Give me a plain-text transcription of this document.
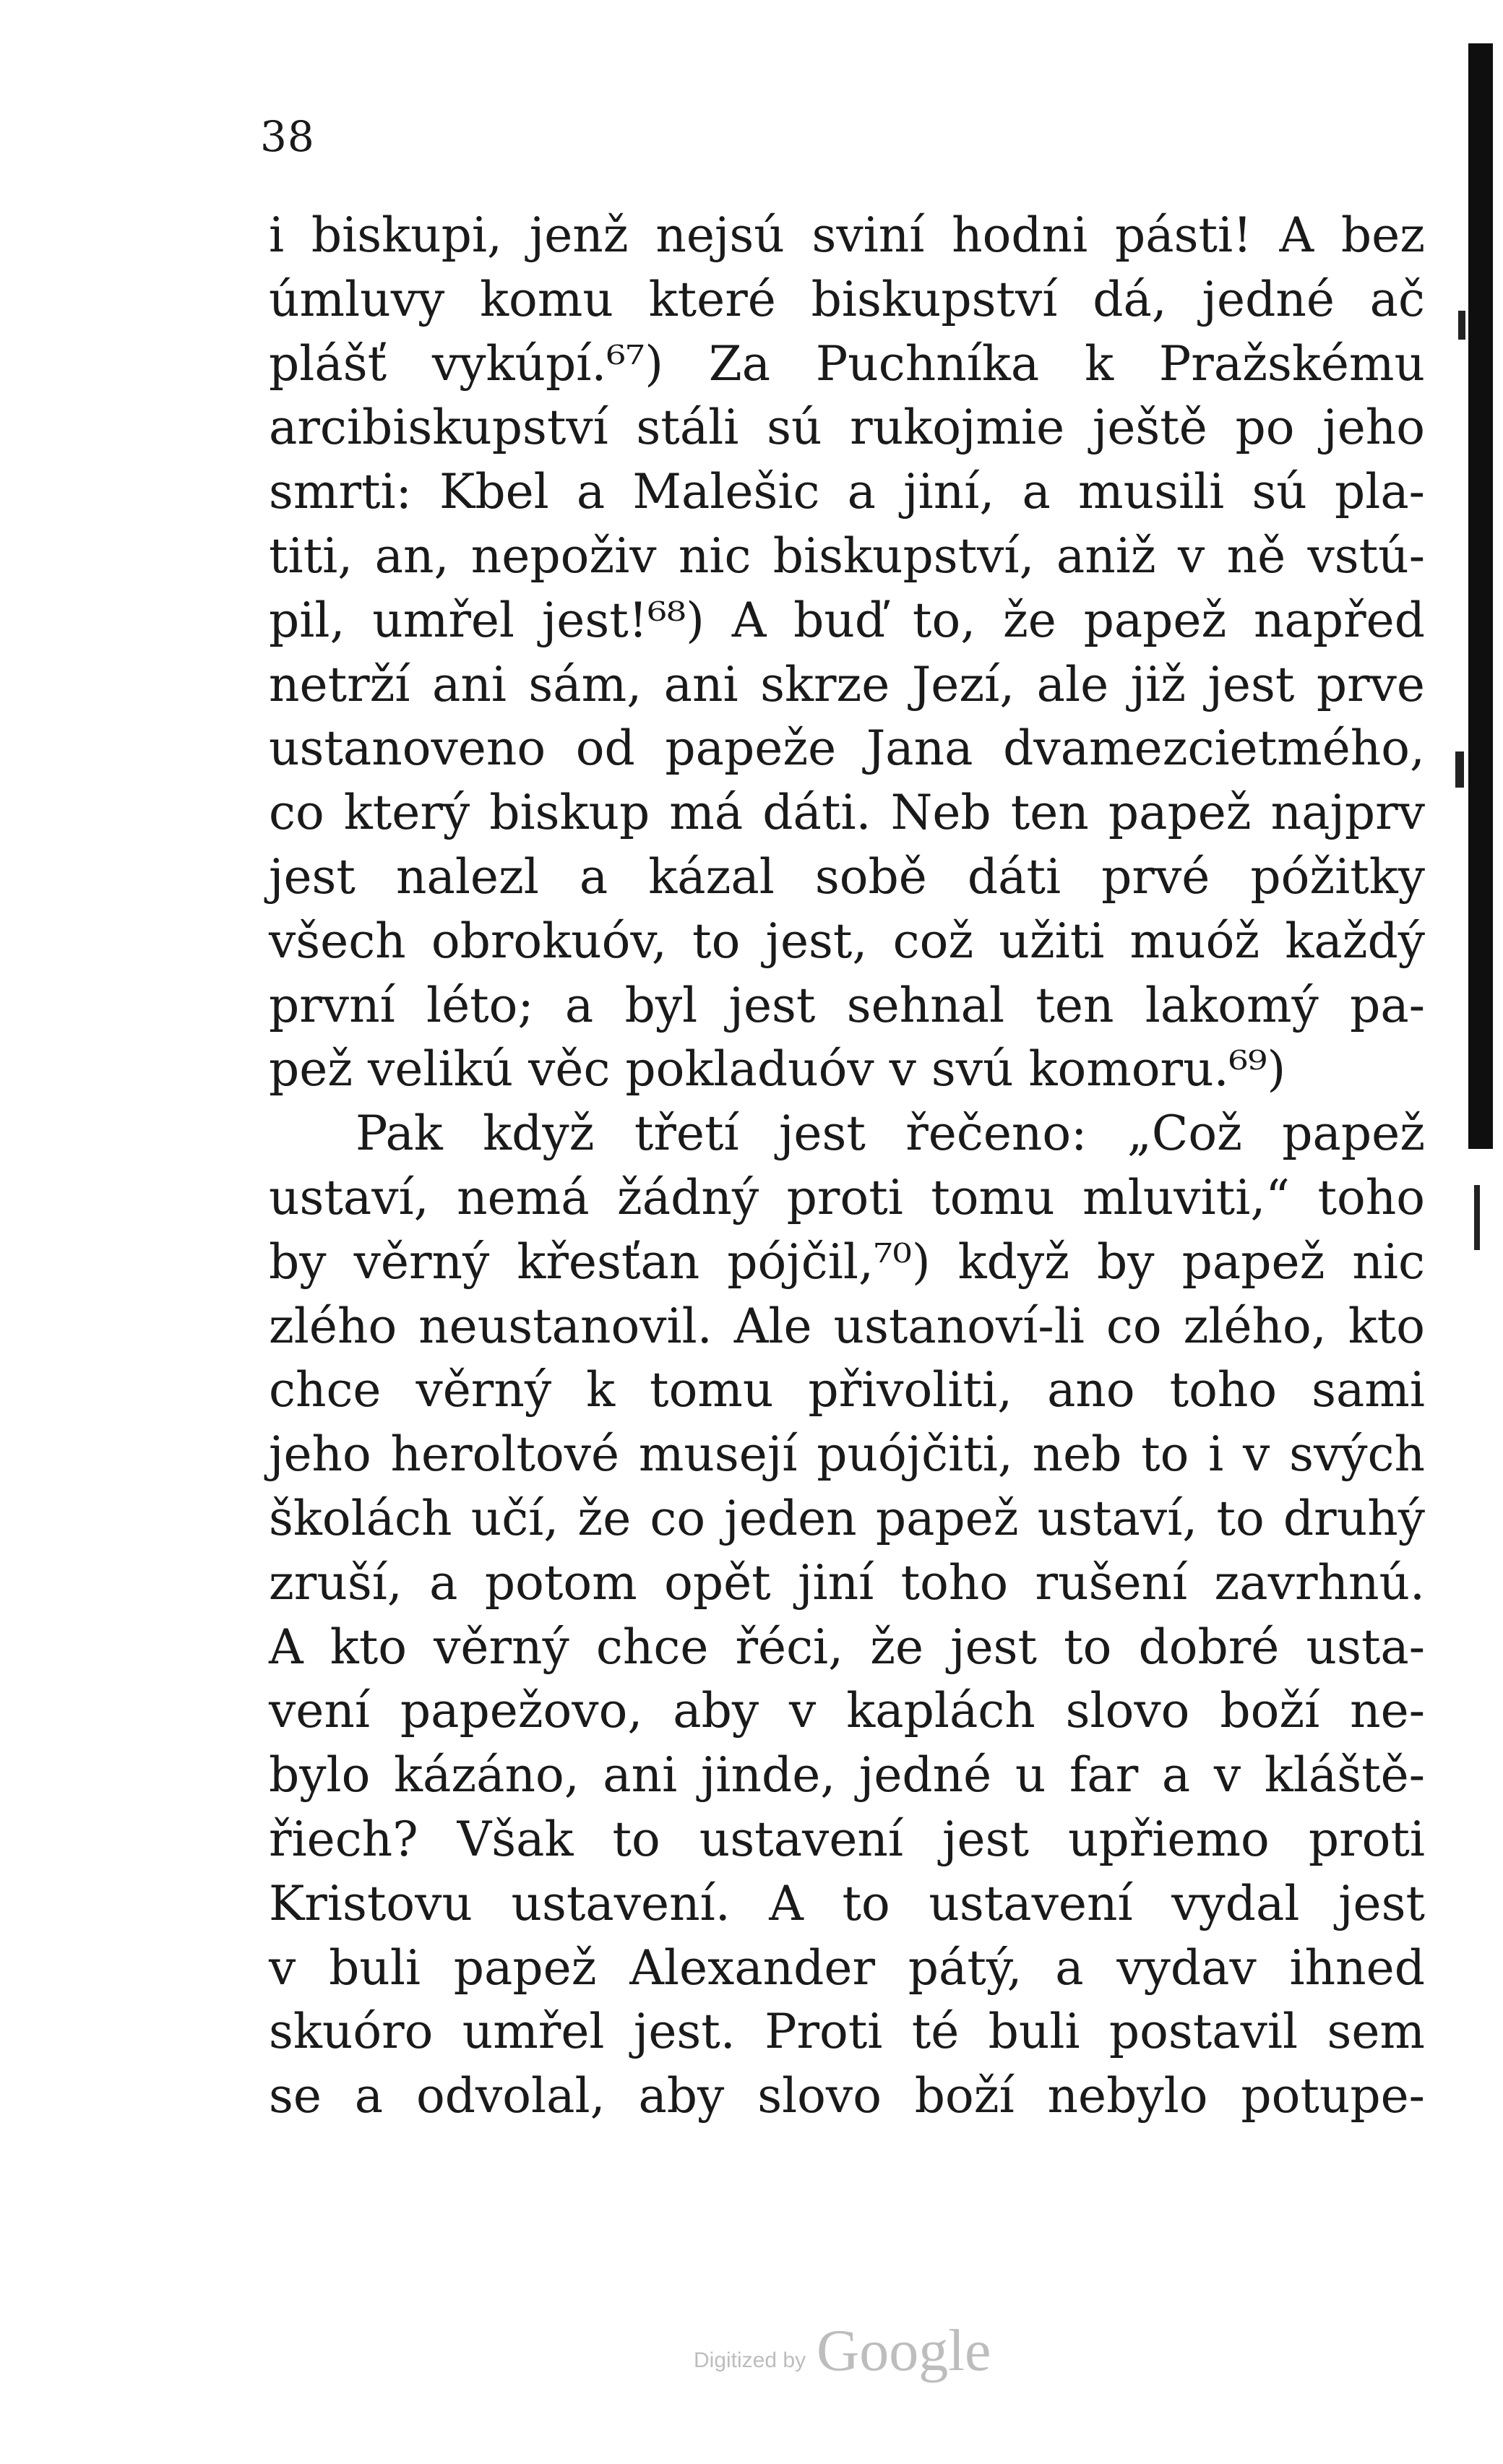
38
i biskupi, jenž nejsú sviní hodni pásti! A bez
úmluvy komu které biskupství dá, jedné ač
plášť vykúpí.⁶⁷) Za Puchníka k Pražskému
arcibiskupství stáli sú rukojmie ještě po jeho
smrti: Kbel a Malešic a jiní, a musili sú pla-
titi, an, nepoživ nic biskupství, aniž v ně vstú-
pil, umřel jest!⁶⁸) A buď to, že papež napřed
netrží ani sám, ani skrze Jezí, ale již jest prve
ustanoveno od papeže Jana dvamezcietmého,
co který biskup má dáti. Neb ten papež najprv
jest nalezl a kázal sobě dáti prvé póžitky
všech obrokuóv, to jest, což užiti muóž každý
první léto; a byl jest sehnal ten lakomý pa-
pež velikú věc pokladuóv v svú komoru.⁶⁹)
Pak když třetí jest řečeno: „Což papež
ustaví, nemá žádný proti tomu mluviti,“ toho
by věrný křesťan pójčil,⁷⁰) když by papež nic
zlého neustanovil. Ale ustanoví-li co zlého, kto
chce věrný k tomu přivoliti, ano toho sami
jeho heroltové musejí puójčiti, neb to i v svých
školách učí, že co jeden papež ustaví, to druhý
zruší, a potom opět jiní toho rušení zavrhnú.
A kto věrný chce řéci, že jest to dobré usta-
vení papežovo, aby v kaplách slovo boží ne-
bylo kázáno, ani jinde, jedné u far a v kláště-
řiech? Však to ustavení jest upřiemo proti
Kristovu ustavení. A to ustavení vydal jest
v buli papež Alexander pátý, a vydav ihned
skuóro umřel jest. Proti té buli postavil sem
se a odvolal, aby slovo boží nebylo potupe-
Digitized by Google
